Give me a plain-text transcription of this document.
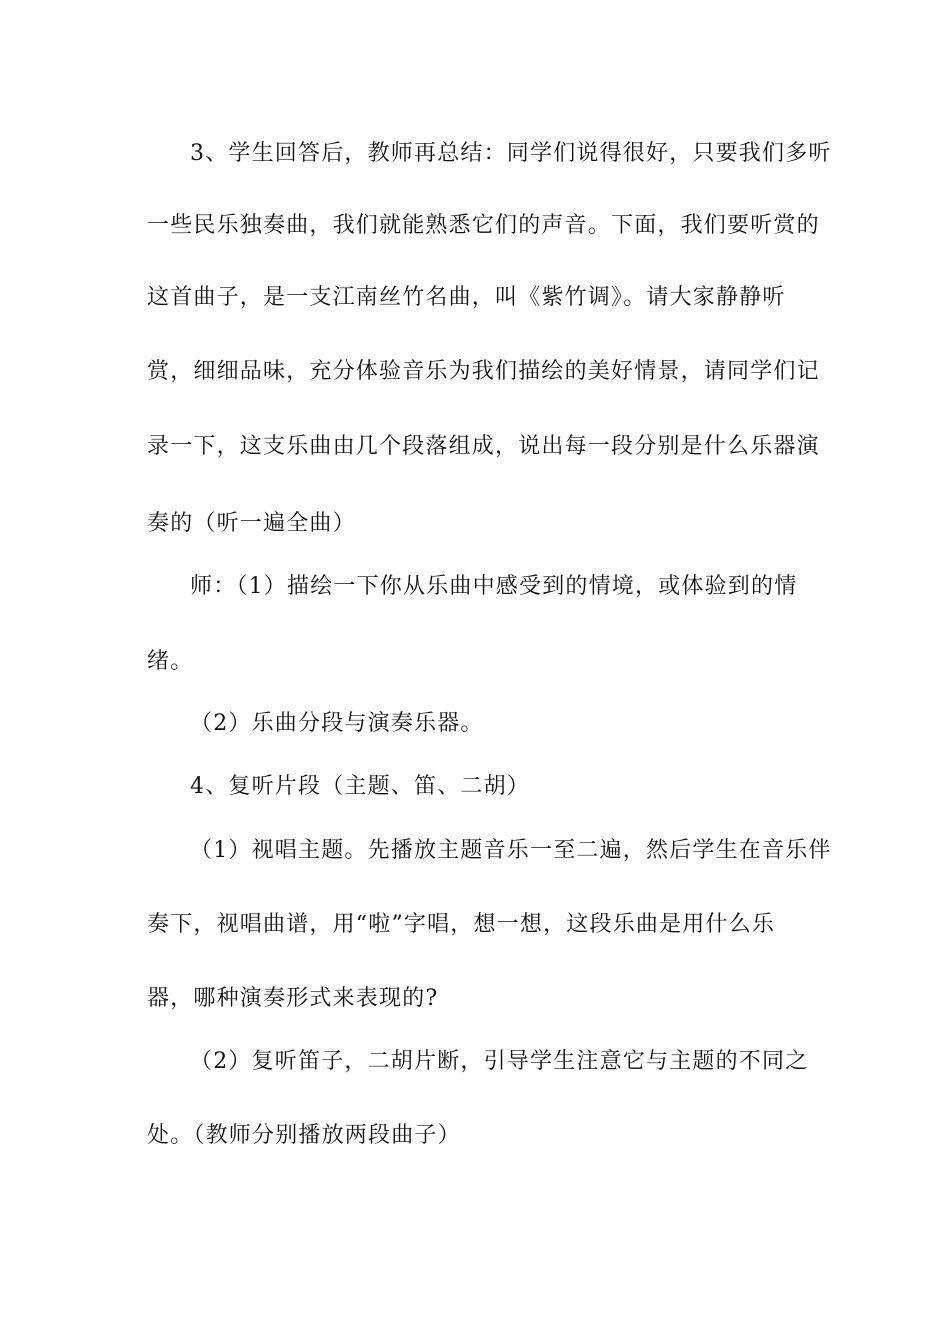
3、学生回答后，教师再总结：同学们说得很好，只要我们多听
一些民乐独奏曲，我们就能熟悉它们的声音。下面，我们要听赏的
这首曲子，是一支江南丝竹名曲，叫《紫竹调》。请大家静静听
赏，细细品味，充分体验音乐为我们描绘的美好情景，请同学们记
录一下，这支乐曲由几个段落组成，说出每一段分别是什么乐器演
奏的（听一遍全曲）
师：（1）描绘一下你从乐曲中感受到的情境，或体验到的情
绪。
（2）乐曲分段与演奏乐器。
4、复听片段（主题、笛、二胡）
（1）视唱主题。先播放主题音乐一至二遍，然后学生在音乐伴
奏下，视唱曲谱，用“啦”字唱，想一想，这段乐曲是用什么乐
器，哪种演奏形式来表现的?
（2）复听笛子，二胡片断，引导学生注意它与主题的不同之
处。（教师分别播放两段曲子）
